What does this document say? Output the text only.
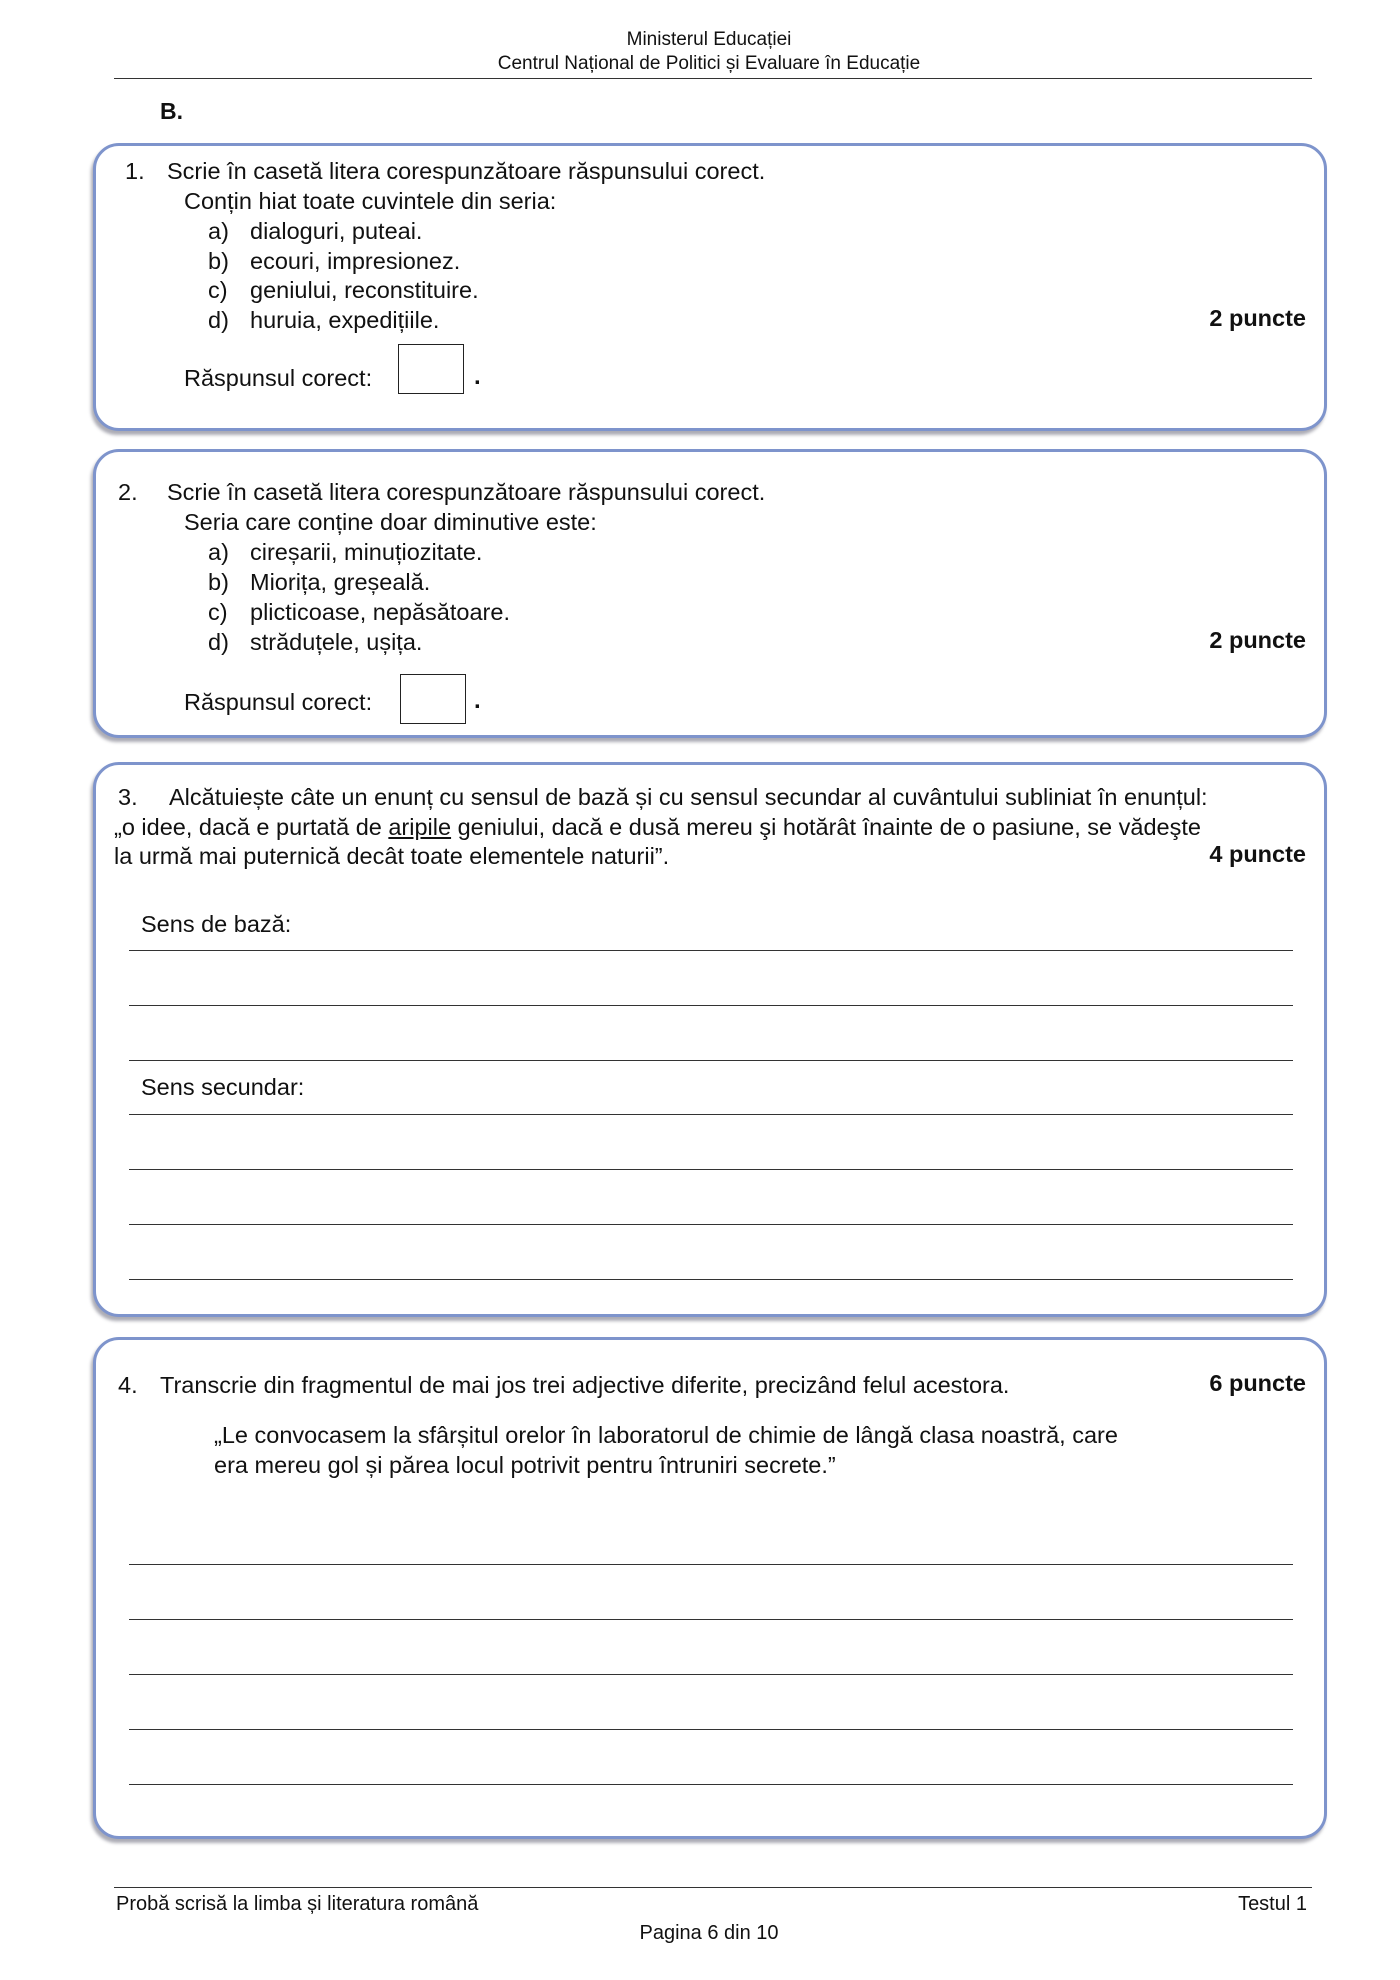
Ministerul Educației
Centrul Național de Politici și Evaluare în Educație
B.
1. Scrie în casetă litera corespunzătoare răspunsului corect.
Conțin hiat toate cuvintele din seria:
a) dialoguri, puteai.
b) ecouri, impresionez.
c) geniului, reconstituire.
d) huruia, expedițiile.	2 puncte
Răspunsul corect:	.
2. Scrie în casetă litera corespunzătoare răspunsului corect.
Seria care conține doar diminutive este:
a) cireșarii, minuțiozitate.
b) Miorița, greșeală.
c) plicticoase, nepăsătoare.
d) străduțele, ușița.	2 puncte
Răspunsul corect:	.
3. Alcătuiește câte un enunț cu sensul de bază și cu sensul secundar al cuvântului subliniat în enunțul:
„o idee, dacă e purtată de aripile geniului, dacă e dusă mereu şi hotărât înainte de o pasiune, se vădeşte
la urmă mai puternică decât toate elementele naturii”.	4 puncte
Sens de bază:
Sens secundar:
4. Transcrie din fragmentul de mai jos trei adjective diferite, precizând felul acestora.	6 puncte
„Le convocasem la sfârșitul orelor în laboratorul de chimie de lângă clasa noastră, care
era mereu gol și părea locul potrivit pentru întruniri secrete.”
Probă scrisă la limba și literatura română	Testul 1
Pagina 6 din 10
